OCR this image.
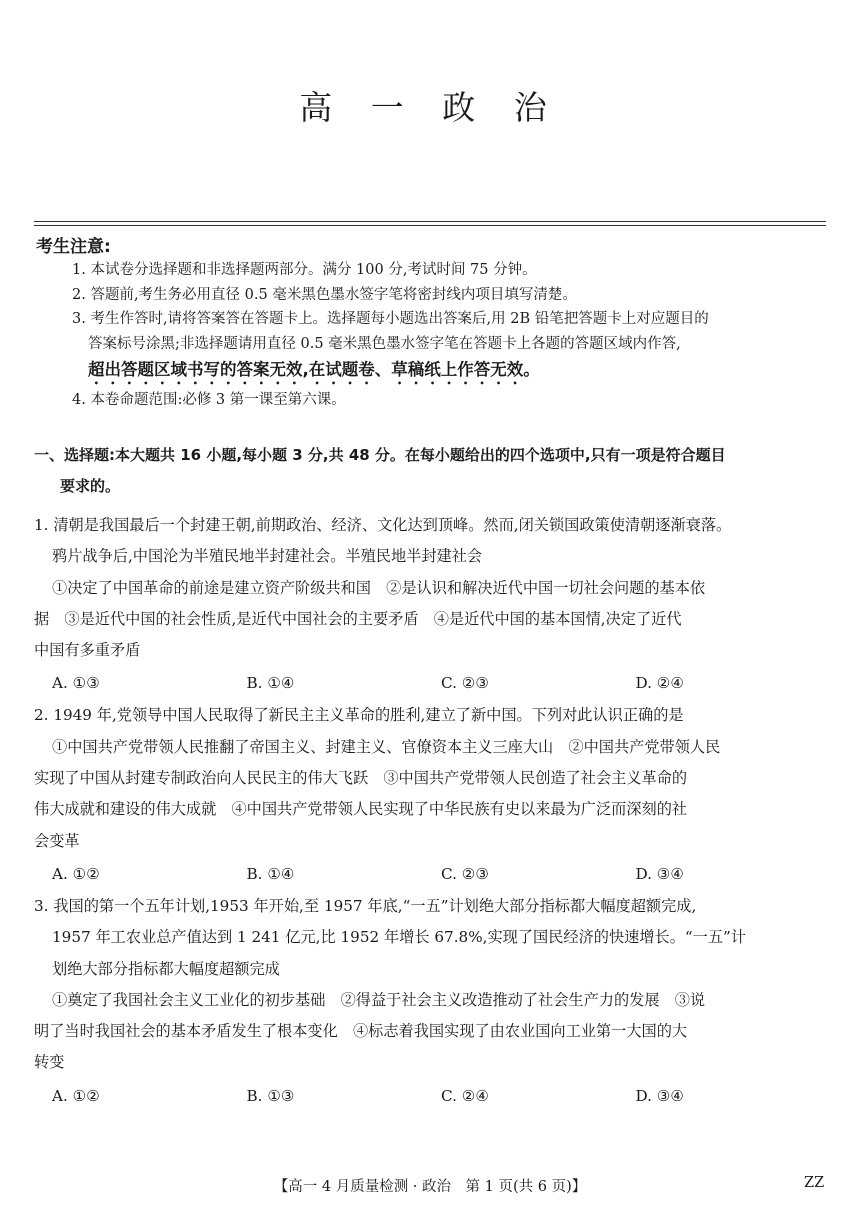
高 一 政 治
考生注意:

1. 本试卷分选择题和非选择题两部分。满分 100 分,考试时间 75 分钟。

2. 答题前,考生务必用直径 0.5 毫米黑色墨水签字笔将密封线内项目填写清楚。

3. 考生作答时,请将答案答在答题卡上。选择题每小题选出答案后,用 2B 铅笔把答题卡上对应题目的

答案标号涂黑;非选择题请用直径 0.5 毫米黑色墨水签字笔在答题卡上各题的答题区域内作答,

超出答题区域书写的答案无效,在试题卷、草稿纸上作答无效。

4. 本卷命题范围:必修 3 第一课至第六课。

一、选择题:本大题共 16 小题,每小题 3 分,共 48 分。在每小题给出的四个选项中,只有一项是符合题目
要求的。

1. 清朝是我国最后一个封建王朝,前期政治、经济、文化达到顶峰。然而,闭关锁国政策使清朝逐渐衰落。

鸦片战争后,中国沦为半殖民地半封建社会。半殖民地半封建社会

①决定了中国革命的前途是建立资产阶级共和国　②是认识和解决近代中国一切社会问题的基本依

据　③是近代中国的社会性质,是近代中国社会的主要矛盾　④是近代中国的基本国情,决定了近代

中国有多重矛盾

A. ①③	B. ①④	C. ②③	D. ②④

2. 1949 年,党领导中国人民取得了新民主主义革命的胜利,建立了新中国。下列对此认识正确的是

①中国共产党带领人民推翻了帝国主义、封建主义、官僚资本主义三座大山　②中国共产党带领人民

实现了中国从封建专制政治向人民民主的伟大飞跃　③中国共产党带领人民创造了社会主义革命的

伟大成就和建设的伟大成就　④中国共产党带领人民实现了中华民族有史以来最为广泛而深刻的社

会变革

A. ①②	B. ①④	C. ②③	D. ③④

3. 我国的第一个五年计划,1953 年开始,至 1957 年底,“一五”计划绝大部分指标都大幅度超额完成,

1957 年工农业总产值达到 1 241 亿元,比 1952 年增长 67.8%,实现了国民经济的快速增长。“一五”计

划绝大部分指标都大幅度超额完成

①奠定了我国社会主义工业化的初步基础　②得益于社会主义改造推动了社会生产力的发展　③说

明了当时我国社会的基本矛盾发生了根本变化　④标志着我国实现了由农业国向工业第一大国的大

转变

A. ①②	B. ①③	C. ②④	D. ③④
【高一 4 月质量检测 · 政治　第 1 页(共 6 页)】	ZZ
